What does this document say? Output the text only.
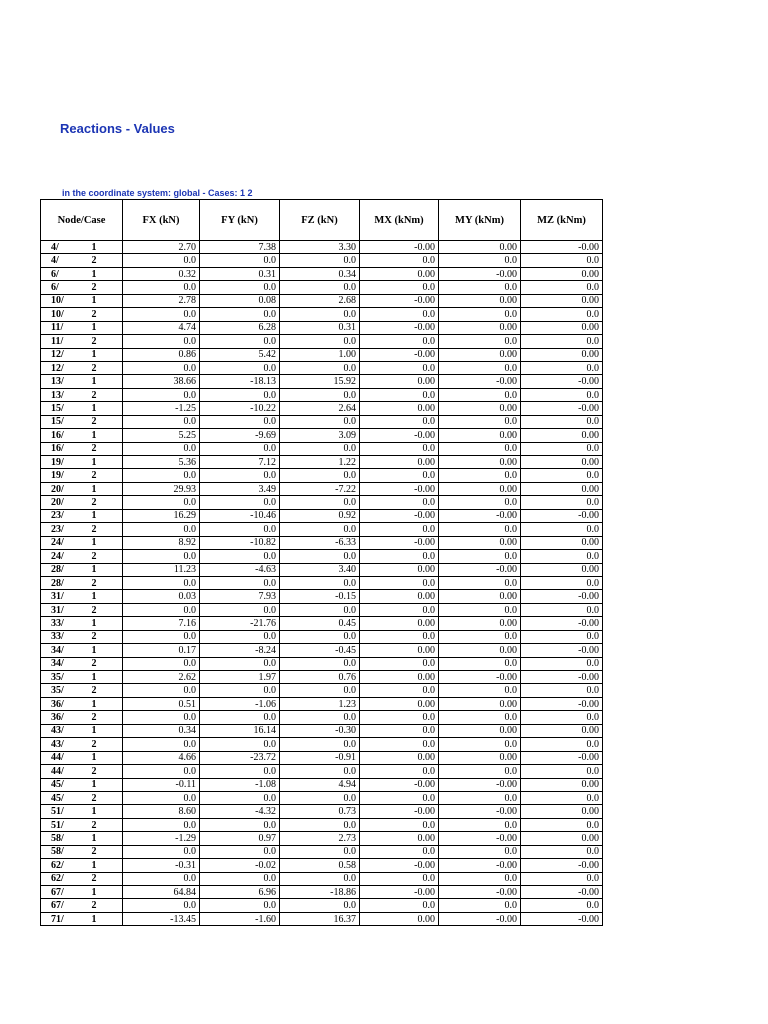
Reactions - Values
in the coordinate system: global - Cases: 1 2
Node/Case		FX (kN)	FY (kN)	FZ (kN)	MX (kNm)	MY (kNm)	MZ (kNm)
4/	1	2.70	7.38	3.30	-0.00	0.00	-0.00
4/	2	0.0	0.0	0.0	0.0	0.0	0.0
6/	1	0.32	0.31	0.34	0.00	-0.00	0.00
6/	2	0.0	0.0	0.0	0.0	0.0	0.0
10/	1	2.78	0.08	2.68	-0.00	0.00	0.00
10/	2	0.0	0.0	0.0	0.0	0.0	0.0
11/	1	4.74	6.28	0.31	-0.00	0.00	0.00
11/	2	0.0	0.0	0.0	0.0	0.0	0.0
12/	1	0.86	5.42	1.00	-0.00	0.00	0.00
12/	2	0.0	0.0	0.0	0.0	0.0	0.0
13/	1	38.66	-18.13	15.92	0.00	-0.00	-0.00
13/	2	0.0	0.0	0.0	0.0	0.0	0.0
15/	1	-1.25	-10.22	2.64	0.00	0.00	-0.00
15/	2	0.0	0.0	0.0	0.0	0.0	0.0
16/	1	5.25	-9.69	3.09	-0.00	0.00	0.00
16/	2	0.0	0.0	0.0	0.0	0.0	0.0
19/	1	5.36	7.12	1.22	0.00	0.00	0.00
19/	2	0.0	0.0	0.0	0.0	0.0	0.0
20/	1	29.93	3.49	-7.22	-0.00	0.00	0.00
20/	2	0.0	0.0	0.0	0.0	0.0	0.0
23/	1	16.29	-10.46	0.92	-0.00	-0.00	-0.00
23/	2	0.0	0.0	0.0	0.0	0.0	0.0
24/	1	8.92	-10.82	-6.33	-0.00	0.00	0.00
24/	2	0.0	0.0	0.0	0.0	0.0	0.0
28/	1	11.23	-4.63	3.40	0.00	-0.00	0.00
28/	2	0.0	0.0	0.0	0.0	0.0	0.0
31/	1	0.03	7.93	-0.15	0.00	0.00	-0.00
31/	2	0.0	0.0	0.0	0.0	0.0	0.0
33/	1	7.16	-21.76	0.45	0.00	0.00	-0.00
33/	2	0.0	0.0	0.0	0.0	0.0	0.0
34/	1	0.17	-8.24	-0.45	0.00	0.00	-0.00
34/	2	0.0	0.0	0.0	0.0	0.0	0.0
35/	1	2.62	1.97	0.76	0.00	-0.00	-0.00
35/	2	0.0	0.0	0.0	0.0	0.0	0.0
36/	1	0.51	-1.06	1.23	0.00	0.00	-0.00
36/	2	0.0	0.0	0.0	0.0	0.0	0.0
43/	1	0.34	16.14	-0.30	0.0	0.00	0.00
43/	2	0.0	0.0	0.0	0.0	0.0	0.0
44/	1	4.66	-23.72	-0.91	0.00	0.00	-0.00
44/	2	0.0	0.0	0.0	0.0	0.0	0.0
45/	1	-0.11	-1.08	4.94	-0.00	-0.00	0.00
45/	2	0.0	0.0	0.0	0.0	0.0	0.0
51/	1	8.60	-4.32	0.73	-0.00	-0.00	0.00
51/	2	0.0	0.0	0.0	0.0	0.0	0.0
58/	1	-1.29	0.97	2.73	0.00	-0.00	0.00
58/	2	0.0	0.0	0.0	0.0	0.0	0.0
62/	1	-0.31	-0.02	0.58	-0.00	-0.00	-0.00
62/	2	0.0	0.0	0.0	0.0	0.0	0.0
67/	1	64.84	6.96	-18.86	-0.00	-0.00	-0.00
67/	2	0.0	0.0	0.0	0.0	0.0	0.0
71/	1	-13.45	-1.60	16.37	0.00	-0.00	-0.00
